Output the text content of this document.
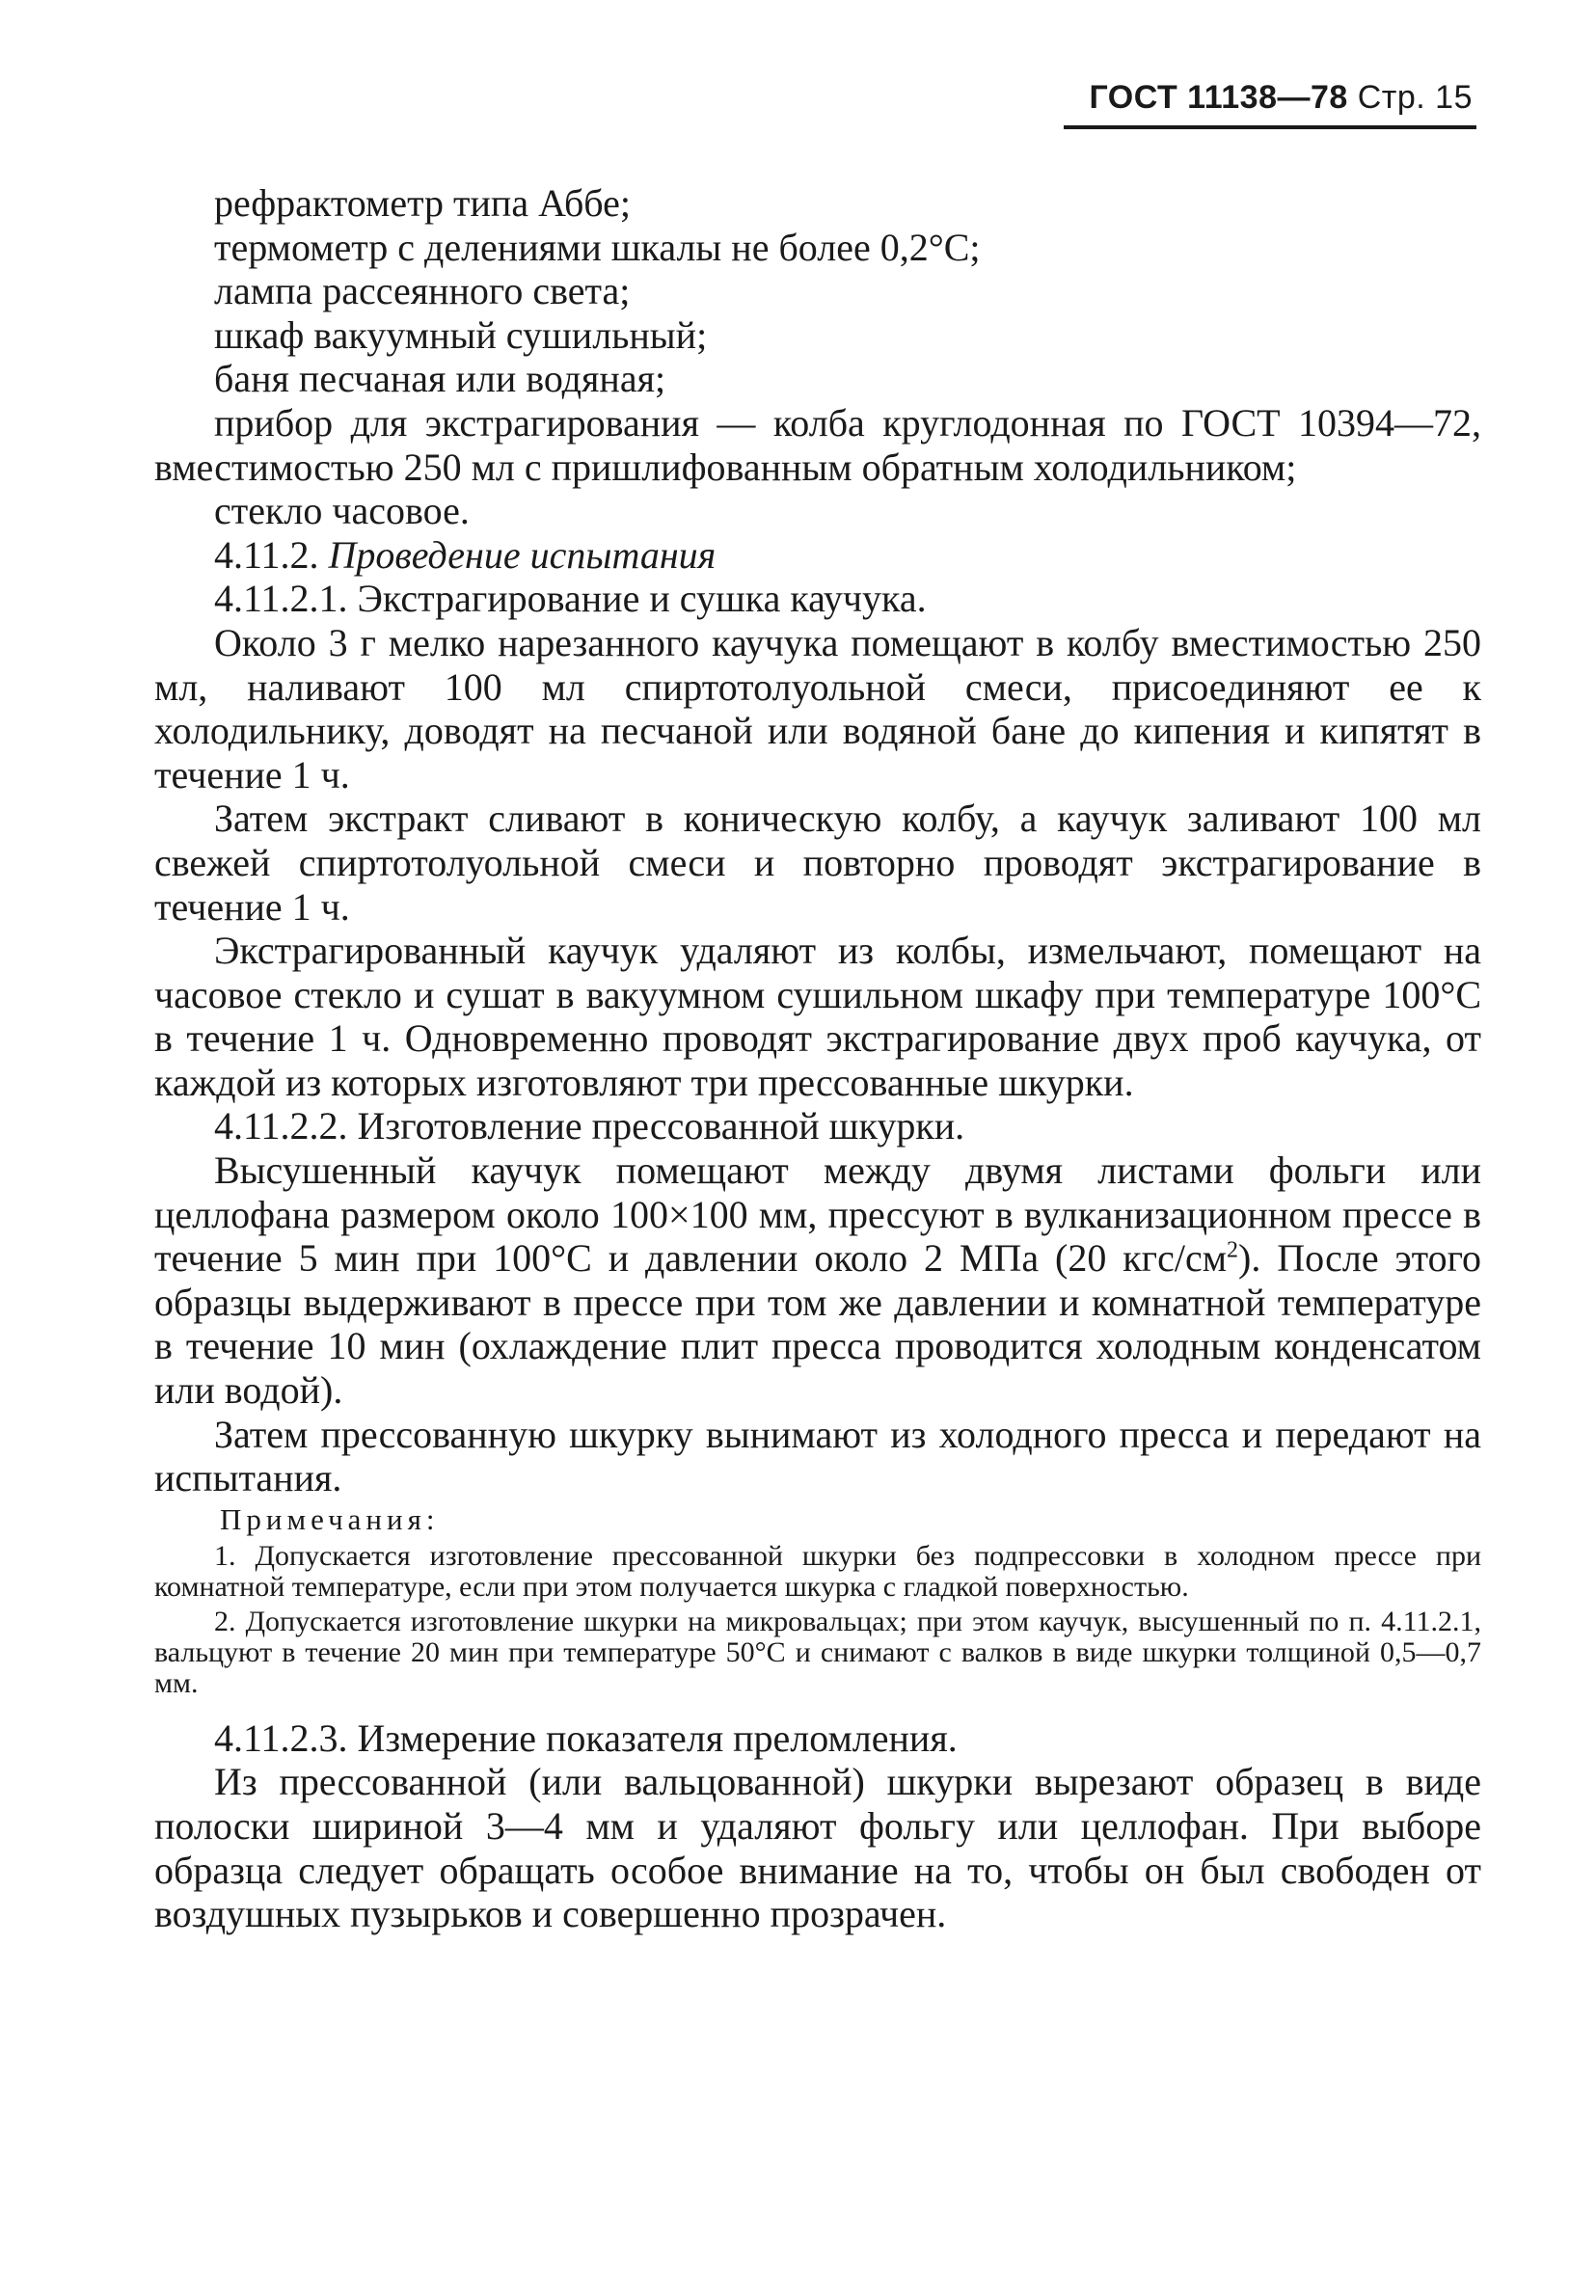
ГОСТ 11138—78 Стр. 15

рефрактометр типа Аббе;

термометр с делениями шкалы не более 0,2°С;

лампа рассеянного света;

шкаф вакуумный сушильный;

баня песчаная или водяная;

прибор для экстрагирования — колба круглодонная по ГОСТ 10394—72, вместимостью 250 мл с пришлифованным обратным холодильником;

стекло часовое.

4.11.2. Проведение испытания

4.11.2.1. Экстрагирование и сушка каучука.

Около 3 г мелко нарезанного каучука помещают в колбу вместимостью 250 мл, наливают 100 мл спиртотолуольной смеси, присоединяют ее к холодильнику, доводят на песчаной или водяной бане до кипения и кипятят в течение 1 ч.

Затем экстракт сливают в коническую колбу, а каучук заливают 100 мл свежей спиртотолуольной смеси и повторно проводят экстрагирование в течение 1 ч.

Экстрагированный каучук удаляют из колбы, измельчают, помещают на часовое стекло и сушат в вакуумном сушильном шкафу при температуре 100°С в течение 1 ч. Одновременно проводят экстрагирование двух проб каучука, от каждой из которых изготовляют три прессованные шкурки.

4.11.2.2. Изготовление прессованной шкурки.

Высушенный каучук помещают между двумя листами фольги или целлофана размером около 100×100 мм, прессуют в вулканизационном прессе в течение 5 мин при 100°С и давлении около 2 МПа (20 кгс/$см^2$). После этого образцы выдерживают в прессе при том же давлении и комнатной температуре в течение 10 мин (охлаждение плит пресса проводится холодным конденсатом или водой).

Затем прессованную шкурку вынимают из холодного пресса и передают на испытания.

Примечания:

1. Допускается изготовление прессованной шкурки без подпрессовки в холодном прессе при комнатной температуре, если при этом получается шкурка с гладкой поверхностью.

2. Допускается изготовление шкурки на микровальцах; при этом каучук, высушенный по п. 4.11.2.1, вальцуют в течение 20 мин при температуре 50°С и снимают с валков в виде шкурки толщиной 0,5—0,7 мм.

4.11.2.3. Измерение показателя преломления.

Из прессованной (или вальцованной) шкурки вырезают образец в виде полоски шириной 3—4 мм и удаляют фольгу или целлофан. При выборе образца следует обращать особое внимание на то, чтобы он был свободен от воздушных пузырьков и совершенно прозрачен.
